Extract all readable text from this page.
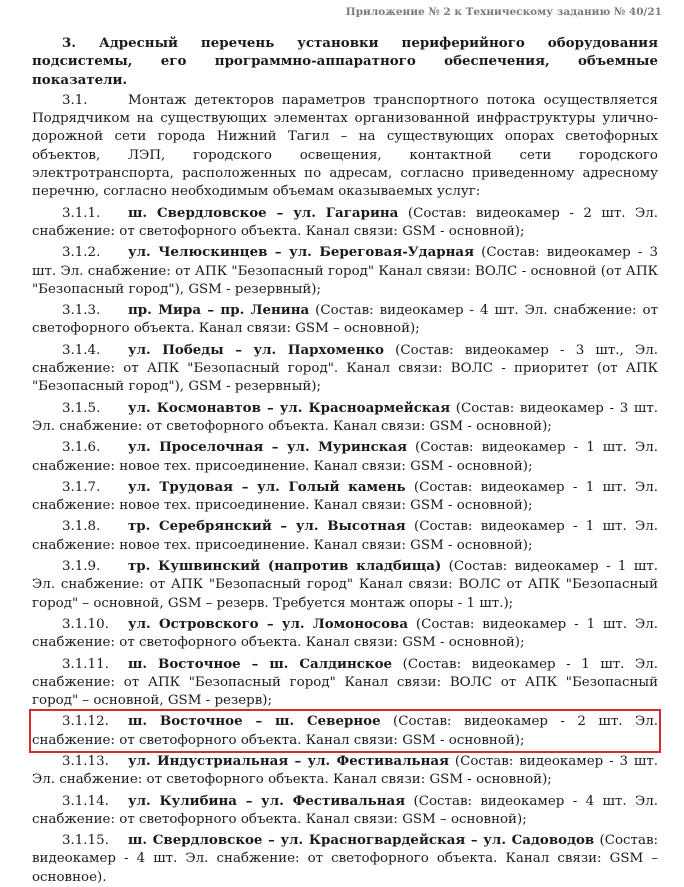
Приложение № 2 к Техническому заданию № 40/21

3. Адресный перечень установки периферийного оборудования подсистемы, его программно-аппаратного обеспечения, объемные показатели.

3.1.	Монтаж детекторов параметров транспортного потока осуществляется Подрядчиком на существующих элементах организованной инфраструктуры улично-дорожной сети города Нижний Тагил – на существующих опорах светофорных объектов, ЛЭП, городского освещения, контактной сети городского электротранспорта, расположенных по адресам, согласно приведенному адресному перечню, согласно необходимым объемам оказываемых услуг:

3.1.1. ш. Свердловское – ул. Гагарина (Состав: видеокамер - 2 шт. Эл. снабжение: от светофорного объекта. Канал связи: GSM - основной);

3.1.2. ул. Челюскинцев – ул. Береговая-Ударная (Состав: видеокамер - 3 шт. Эл. снабжение: от АПК "Безопасный город" Канал связи: ВОЛС - основной (от АПК "Безопасный город"), GSM - резервный);

3.1.3. пр. Мира – пр. Ленина (Состав: видеокамер - 4 шт. Эл. снабжение: от светофорного объекта. Канал связи: GSM – основной);

3.1.4. ул. Победы – ул. Пархоменко (Состав: видеокамер - 3 шт., Эл. снабжение: от АПК "Безопасный город". Канал связи: ВОЛС - приоритет (от АПК "Безопасный город"), GSM - резервный);

3.1.5. ул. Космонавтов – ул. Красноармейская (Состав: видеокамер - 3 шт. Эл. снабжение: от светофорного объекта. Канал связи: GSM - основной);

3.1.6. ул. Проселочная – ул. Муринская (Состав: видеокамер - 1 шт. Эл. снабжение: новое тех. присоединение. Канал связи: GSM - основной);

3.1.7. ул. Трудовая – ул. Голый камень (Состав: видеокамер - 1 шт. Эл. снабжение: новое тех. присоединение. Канал связи: GSM - основной);

3.1.8. тр. Серебрянский – ул. Высотная (Состав: видеокамер - 1 шт. Эл. снабжение: новое тех. присоединение. Канал связи: GSM - основной);

3.1.9. тр. Кушвинский (напротив кладбища) (Состав: видеокамер - 1 шт. Эл. снабжение: от АПК "Безопасный город" Канал связи: ВОЛС от АПК "Безопасный город" – основной, GSM – резерв. Требуется монтаж опоры - 1 шт.);

3.1.10. ул. Островского – ул. Ломоносова (Состав: видеокамер - 1 шт. Эл. снабжение: от светофорного объекта. Канал связи: GSM - основной);

3.1.11. ш. Восточное – ш. Салдинское (Состав: видеокамер - 1 шт. Эл. снабжение: от АПК "Безопасный город" Канал связи: ВОЛС от АПК "Безопасный город" – основной, GSM - резерв);

3.1.12. ш. Восточное – ш. Северное (Состав: видеокамер - 2 шт. Эл. снабжение: от светофорного объекта. Канал связи: GSM - основной);

3.1.13. ул. Индустриальная – ул. Фестивальная (Состав: видеокамер - 3 шт. Эл. снабжение: от светофорного объекта. Канал связи: GSM - основной);

3.1.14. ул. Кулибина – ул. Фестивальная (Состав: видеокамер - 4 шт. Эл. снабжение: от светофорного объекта. Канал связи: GSM – основной);

3.1.15. ш. Свердловское – ул. Красногвардейская – ул. Садоводов (Состав: видеокамер - 4 шт. Эл. снабжение: от светофорного объекта. Канал связи: GSM – основное).
